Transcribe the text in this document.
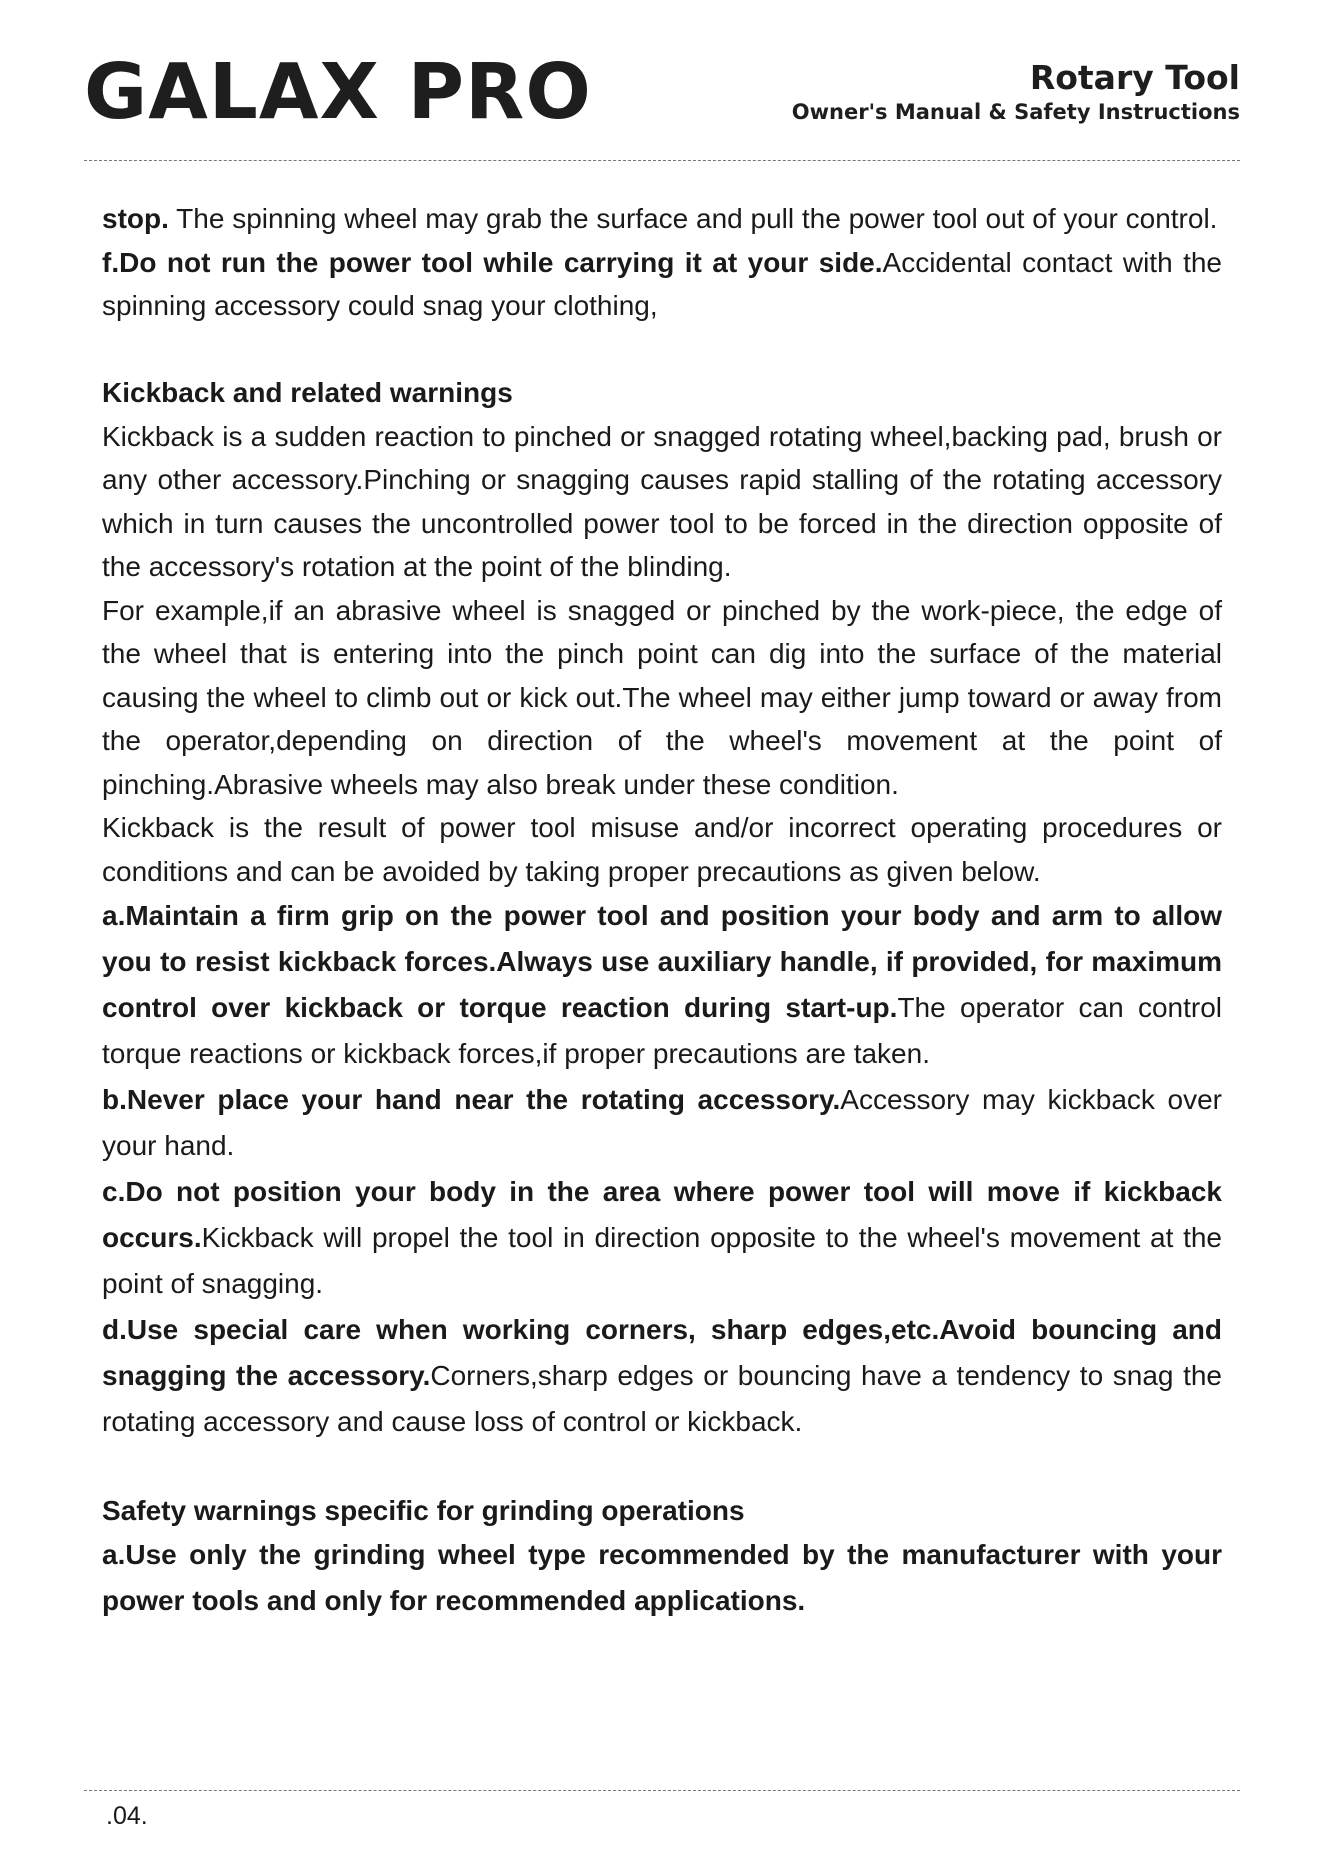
GALAX PRO	Rotary Tool
Owner's Manual & Safety Instructions

stop. The spinning wheel may grab the surface and pull the power tool out of your control.

f.Do not run the power tool while carrying it at your side.Accidental contact with the spinning accessory could snag your clothing,

Kickback and related warnings

Kickback is a sudden reaction to pinched or snagged rotating wheel,backing pad, brush or any other accessory.Pinching or snagging causes rapid stalling of the rotating accessory which in turn causes the uncontrolled power tool to be forced in the direction opposite of the accessory's rotation at the point of the blinding.

For example,if an abrasive wheel is snagged or pinched by the work-piece, the edge of the wheel that is entering into the pinch point can dig into the surface of the material causing the wheel to climb out or kick out.The wheel may either jump toward or away from the operator,depending on direction of the wheel's movement at the point of pinching.Abrasive wheels may also break under these condition.

Kickback is the result of power tool misuse and/or incorrect operating procedures or conditions and can be avoided by taking proper precautions as given below.

a.Maintain a firm grip on the power tool and position your body and arm to allow you to resist kickback forces.Always use auxiliary handle, if provided, for maximum control over kickback or torque reaction during start-up.The operator can control torque reactions or kickback forces,if proper precautions are taken.

b.Never place your hand near the rotating accessory.Accessory may kickback over your hand.

c.Do not position your body in the area where power tool will move if kickback occurs.Kickback will propel the tool in direction opposite to the wheel's movement at the point of snagging.

d.Use special care when working corners, sharp edges,etc.Avoid bouncing and snagging the accessory.Corners,sharp edges or bouncing have a tendency to snag the rotating accessory and cause loss of control or kickback.

Safety warnings specific for grinding operations

a.Use only the grinding wheel type recommended by the manufacturer with your power tools and only for recommended applications.

.04.
